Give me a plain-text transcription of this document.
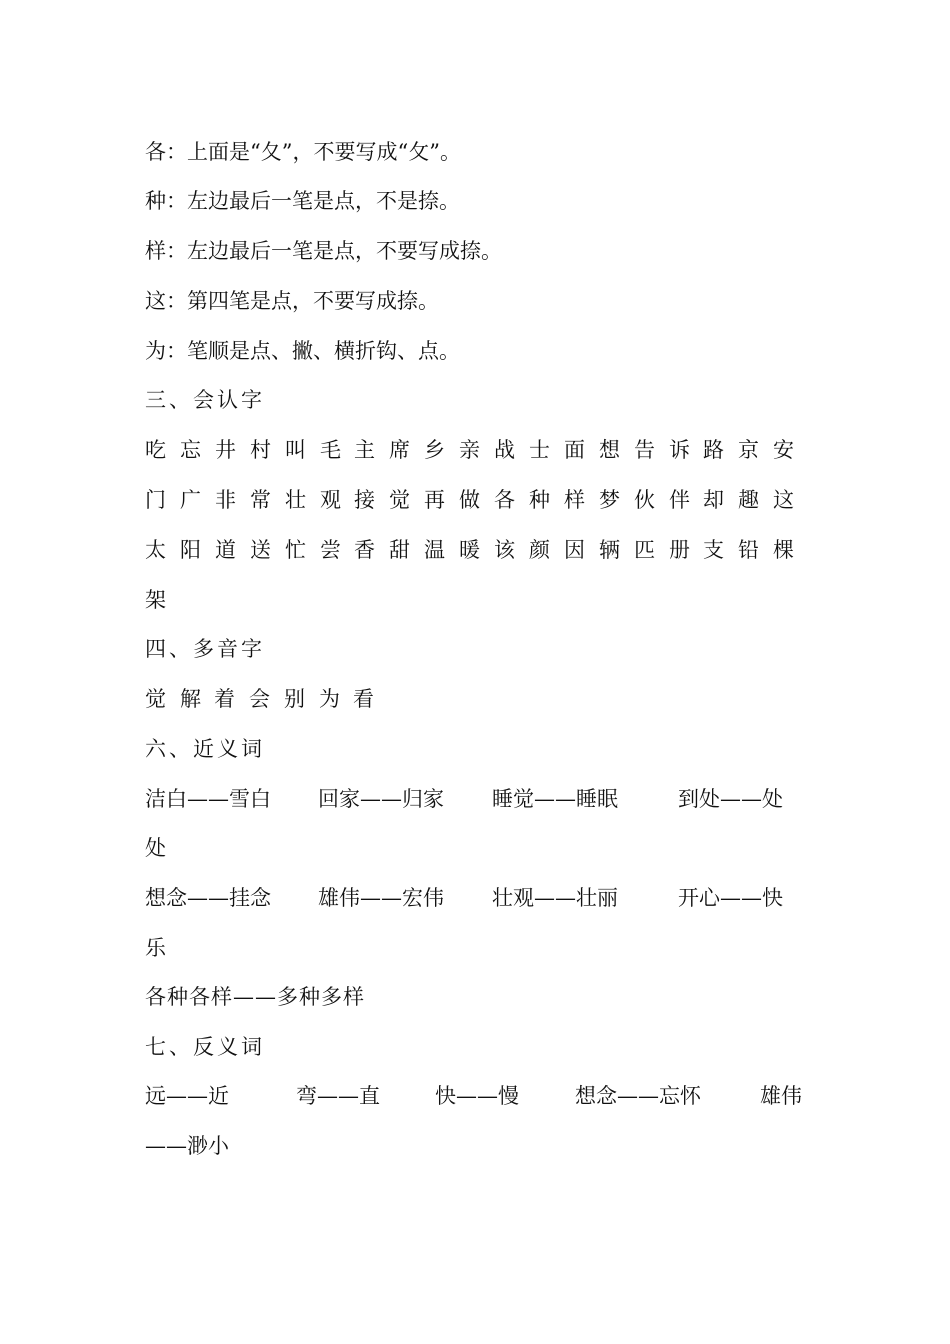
各：上面是“夂”，不要写成“攵”。
种：左边最后一笔是点，不是捺。
样：左边最后一笔是点，不要写成捺。
这：第四笔是点，不要写成捺。
为：笔顺是点、撇、横折钩、点。
三、会认字
吃 忘 井 村 叫 毛 主 席 乡 亲 战 士 面 想 告 诉 路 京 安
门 广 非 常 壮 观 接 觉 再 做 各 种 样 梦 伙 伴 却 趣 这
太 阳 道 送 忙 尝 香 甜 温 暖 该 颜 因 辆 匹 册 支 铅 棵
架
四、多音字
觉 解 着 会 别 为 看
六、近义词
洁白——雪白 回家——归家 睡觉——睡眠	到处——处
处
想念——挂念 雄伟——宏伟 壮观——壮丽	开心——快
乐
各种各样——多种多样
七、反义词
远——近	弯——直	快——慢	想念——忘怀	雄伟
——渺小
